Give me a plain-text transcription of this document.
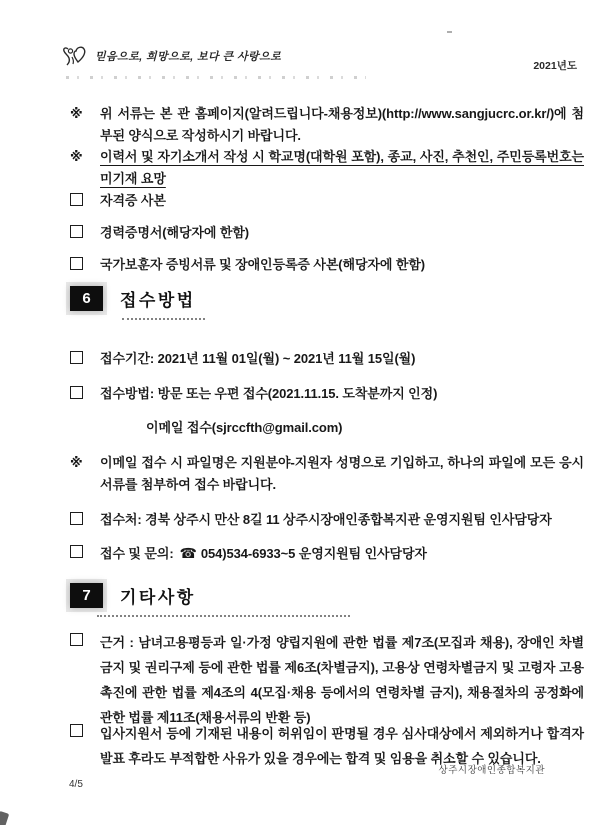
믿음으로, 희망으로, 보다 큰 사랑으로
2021년도
※	위 서류는 본 관 홈페이지(알려드립니다-채용정보)(http://www.sangjucrc.or.kr/)에 첨부된 양식으로 작성하시기 바랍니다.
※	이력서 및 자기소개서 작성 시 학교명(대학원 포함), 종교, 사진, 추천인, 주민등록번호는 미기재 요망
자격증 사본
경력증명서(해당자에 한함)
국가보훈자 증빙서류 및 장애인등록증 사본(해당자에 한함)
6	접수방법
접수기간: 2021년 11월 01일(월) ~ 2021년 11월 15일(월)
접수방법: 방문 또는 우편 접수(2021.11.15. 도착분까지 인정)
이메일 접수(sjrccfth@gmail.com)
※	이메일 접수 시 파일명은 지원분야-지원자 성명으로 기입하고, 하나의 파일에 모든 응시 서류를 첨부하여 접수 바랍니다.
접수처: 경북 상주시 만산 8길 11 상주시장애인종합복지관 운영지원팀 인사담당자
접수 및 문의: ☎ 054)534-6933~5 운영지원팀 인사담당자
7	기타사항
근거 : 남녀고용평등과 일·가정 양립지원에 관한 법률 제7조(모집과 채용), 장애인 차별금지 및 권리구제 등에 관한 법률 제6조(차별금지), 고용상 연령차별금지 및 고령자 고용촉진에 관한 법률 제4조의 4(모집·채용 등에서의 연령차별 금지), 채용절차의 공정화에 관한 법률 제11조(채용서류의 반환 등)
입사지원서 등에 기재된 내용이 허위임이 판명될 경우 심사대상에서 제외하거나 합격자 발표 후라도 부적합한 사유가 있을 경우에는 합격 및 임용을 취소할 수 있습니다.
상주시장애인종합복지관
4/5
